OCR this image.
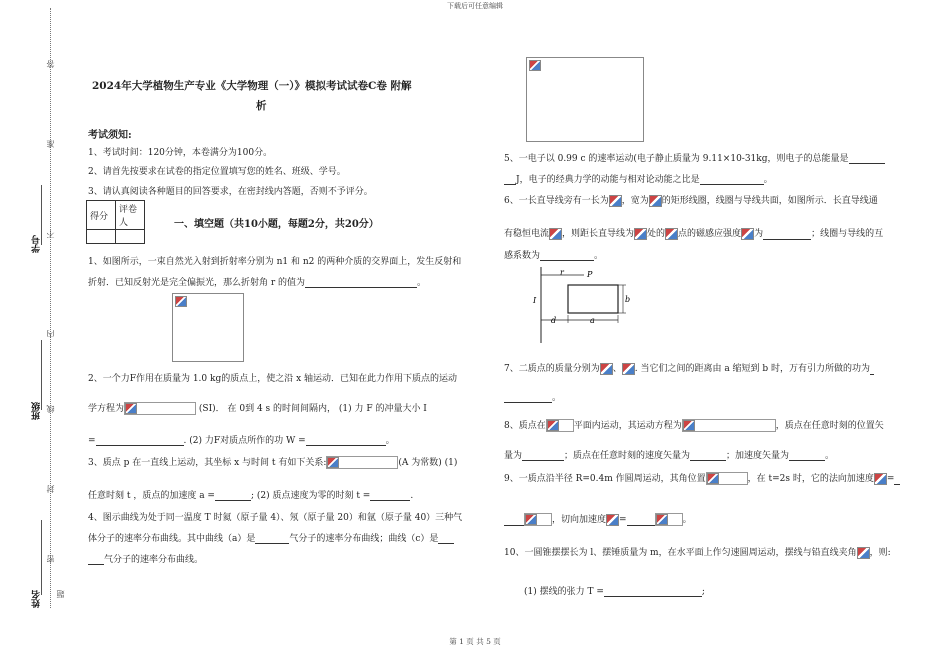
下载后可任意编辑
第 1 页 共 5 页
答
准
不
内
线
封
密
题
学号
班级
姓名
2024年大学植物生产专业《大学物理（一）》模拟考试试卷C卷 附解
析
考试须知:
1、考试时间：120分钟，本卷满分为100分。
2、请首先按要求在试卷的指定位置填写您的姓名、班级、学号。
3、请认真阅读各种题目的回答要求，在密封线内答题，否则不予评分。
得分	评卷人
		一、填空题（共10小题，每题2分，共20分）
1、如图所示，一束自然光入射到折射率分别为 n1 和 n2 的两种介质的交界面上，发生反射和
折射．已知反射光是完全偏振光，那么折射角 r 的值为	。
2、一个力F作用在质量为 1.0 kg的质点上，使之沿 x 轴运动．已知在此力作用下质点的运动
学方程为	(SI)． 在 0到 4 s 的时间间隔内， (1) 力 F 的冲量大小 I
=	. (2) 力F对质点所作的功 W =	。
3、质点 p 在一直线上运动，其坐标 x 与时间 t 有如下关系:	(A 为常数) (1)
任意时刻 t ，质点的加速度 a =	; (2) 质点速度为零的时刻 t =	.
4、图示曲线为处于同一温度 T 时氦（原子量 4）、氖（原子量 20）和氩（原子量 40）三种气
体分子的速率分布曲线。其中曲线（a）是	气分子的速率分布曲线；曲线（c）是
气分子的速率分布曲线。
5、一电子以 0.99 c 的速率运动(电子静止质量为 9.11×10-31kg，则电子的总能量是
J，电子的经典力学的动能与相对论动能之比是	。
6、一长直导线旁有一长为 ，宽为 的矩形线圈，线圈与导线共面，如图所示．长直导线通
有稳恒电流 ，则距长直导线为 处的 点的磁感应强度 为	；线圈与导线的互
感系数为	。
r	P
I	b
d	a
7、二质点的质量分别为 、 . 当它们之间的距离由 a 缩短到 b 时，万有引力所做的功为
。
8、质点在	平面内运动，其运动方程为	，质点在任意时刻的位置矢
量为	；质点在任意时刻的速度矢量为	；加速度矢量为	。
9、一质点沿半径 R=0.4m 作圆周运动，其角位置	，在 t=2s 时，它的法向加速度 =
，切向加速度 =	。
10、一圆锥摆摆长为 l、摆锤质量为 m，在水平面上作匀速圆周运动，摆线与铅直线夹角 ，则:
(1) 摆线的张力 T =	;
